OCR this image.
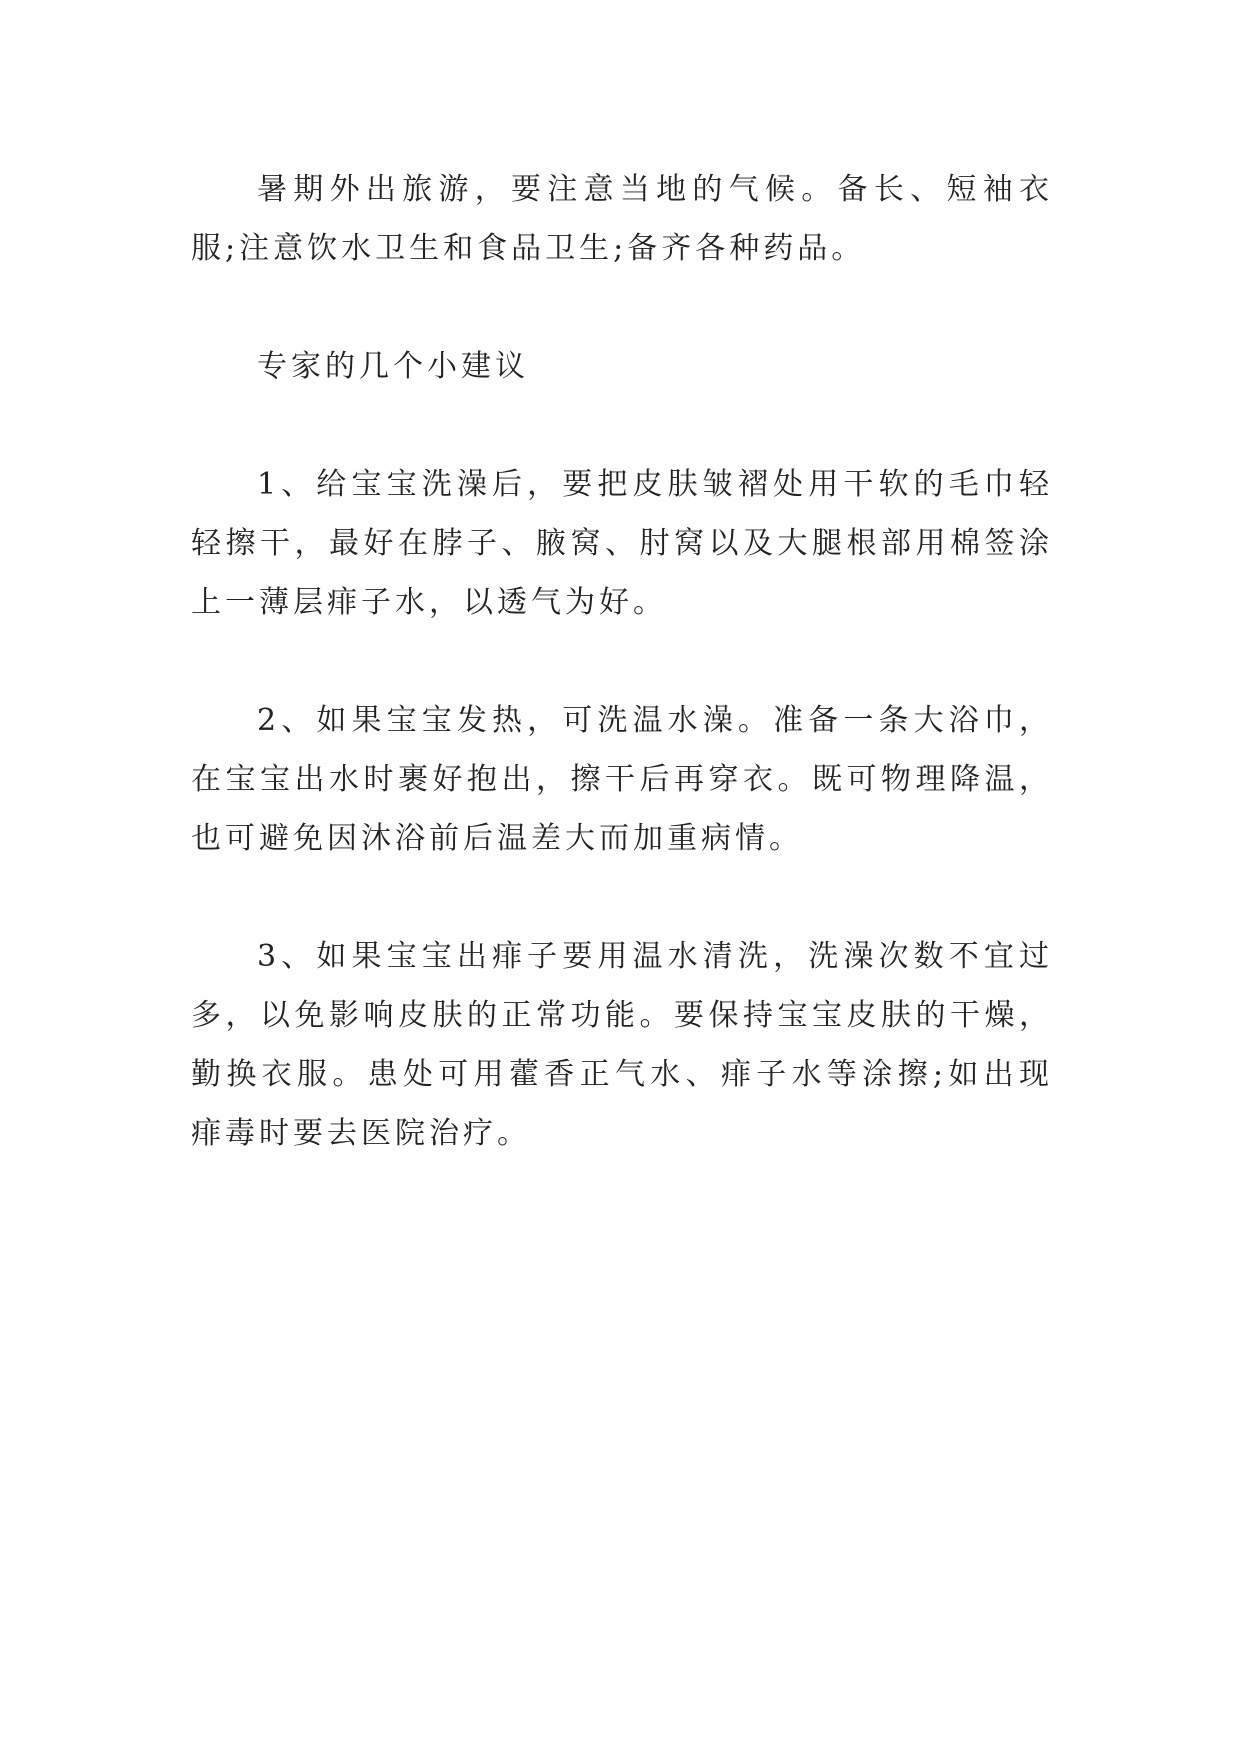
暑期外出旅游，要注意当地的气候。备长、短袖衣服;注意饮水卫生和食品卫生;备齐各种药品。

专家的几个小建议

1、给宝宝洗澡后，要把皮肤皱褶处用干软的毛巾轻轻擦干，最好在脖子、腋窝、肘窝以及大腿根部用棉签涂上一薄层痱子水，以透气为好。

2、如果宝宝发热，可洗温水澡。准备一条大浴巾，在宝宝出水时裹好抱出，擦干后再穿衣。既可物理降温，也可避免因沐浴前后温差大而加重病情。

3、如果宝宝出痱子要用温水清洗，洗澡次数不宜过多，以免影响皮肤的正常功能。要保持宝宝皮肤的干燥，勤换衣服。患处可用藿香正气水、痱子水等涂擦;如出现痱毒时要去医院治疗。
